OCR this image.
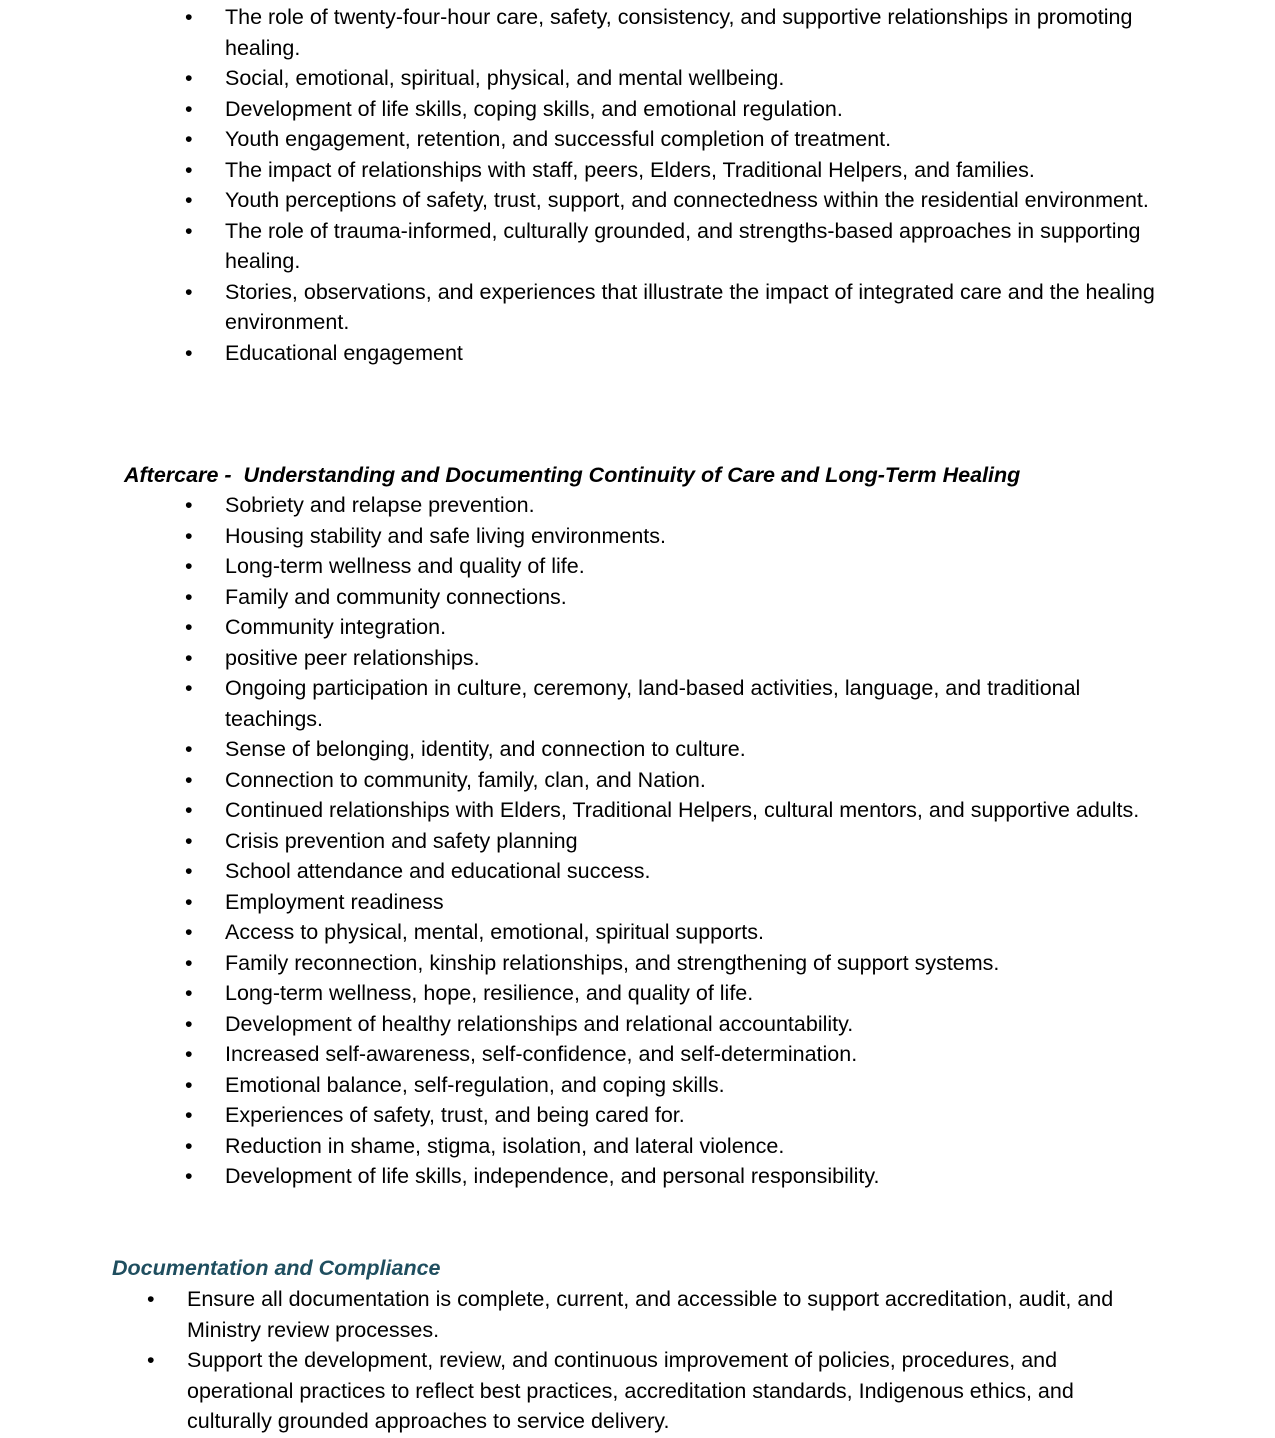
• The role of twenty-four-hour care, safety, consistency, and supportive relationships in promoting healing.
• Social, emotional, spiritual, physical, and mental wellbeing.
• Development of life skills, coping skills, and emotional regulation.
• Youth engagement, retention, and successful completion of treatment.
• The impact of relationships with staff, peers, Elders, Traditional Helpers, and families.
• Youth perceptions of safety, trust, support, and connectedness within the residential environment.
• The role of trauma-informed, culturally grounded, and strengths-based approaches in supporting healing.
• Stories, observations, and experiences that illustrate the impact of integrated care and the healing environment.
• Educational engagement
Aftercare -  Understanding and Documenting Continuity of Care and Long-Term Healing
• Sobriety and relapse prevention.
• Housing stability and safe living environments.
• Long-term wellness and quality of life.
• Family and community connections.
• Community integration.
• positive peer relationships.
• Ongoing participation in culture, ceremony, land-based activities, language, and traditional teachings.
• Sense of belonging, identity, and connection to culture.
• Connection to community, family, clan, and Nation.
• Continued relationships with Elders, Traditional Helpers, cultural mentors, and supportive adults.
• Crisis prevention and safety planning
• School attendance and educational success.
• Employment readiness
• Access to physical, mental, emotional, spiritual supports.
• Family reconnection, kinship relationships, and strengthening of support systems.
• Long-term wellness, hope, resilience, and quality of life.
• Development of healthy relationships and relational accountability.
• Increased self-awareness, self-confidence, and self-determination.
• Emotional balance, self-regulation, and coping skills.
• Experiences of safety, trust, and being cared for.
• Reduction in shame, stigma, isolation, and lateral violence.
• Development of life skills, independence, and personal responsibility.
Documentation and Compliance
• Ensure all documentation is complete, current, and accessible to support accreditation, audit, and Ministry review processes.
• Support the development, review, and continuous improvement of policies, procedures, and operational practices to reflect best practices, accreditation standards, Indigenous ethics, and culturally grounded approaches to service delivery.
